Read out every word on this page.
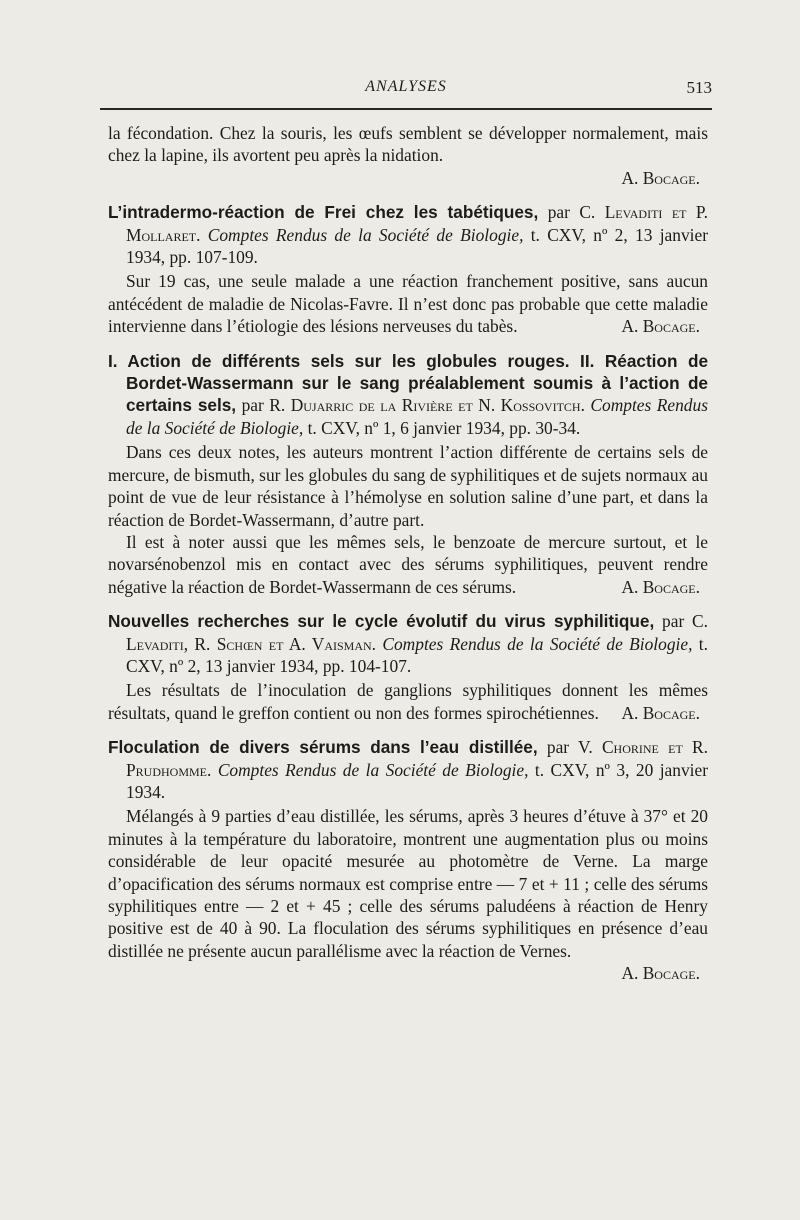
ANALYSES	513

la fécondation. Chez la souris, les œufs semblent se développer normalement, mais chez la lapine, ils avortent peu après la nidation.

A. Bocage.

L’intradermo-réaction de Frei chez les tabétiques, par C. Levaditi et P. Mollaret. Comptes Rendus de la Société de Biologie, t. CXV, nº 2, 13 janvier 1934, pp. 107-109.

Sur 19 cas, une seule malade a une réaction franchement positive, sans aucun antécédent de maladie de Nicolas-Favre. Il n’est donc pas probable que cette maladie intervienne dans l’étiologie des lésions nerveuses du tabès.	A. Bocage.

I. Action de différents sels sur les globules rouges. II. Réaction de Bordet-Wassermann sur le sang préalablement soumis à l’action de certains sels, par R. Dujarric de la Rivière et N. Kossovitch. Comptes Rendus de la Société de Biologie, t. CXV, nº 1, 6 janvier 1934, pp. 30-34.

Dans ces deux notes, les auteurs montrent l’action différente de certains sels de mercure, de bismuth, sur les globules du sang de syphilitiques et de sujets normaux au point de vue de leur résistance à l’hémolyse en solution saline d’une part, et dans la réaction de Bordet-Wassermann, d’autre part.

Il est à noter aussi que les mêmes sels, le benzoate de mercure surtout, et le novarsénobenzol mis en contact avec des sérums syphilitiques, peuvent rendre négative la réaction de Bordet-Wassermann de ces sérums.	A. Bocage.

Nouvelles recherches sur le cycle évolutif du virus syphilitique, par C. Levaditi, R. Schœn et A. Vaisman. Comptes Rendus de la Société de Biologie, t. CXV, nº 2, 13 janvier 1934, pp. 104-107.

Les résultats de l’inoculation de ganglions syphilitiques donnent les mêmes résultats, quand le greffon contient ou non des formes spirochétiennes.	A. Bocage.

Floculation de divers sérums dans l’eau distillée, par V. Chorine et R. Prudhomme. Comptes Rendus de la Société de Biologie, t. CXV, nº 3, 20 janvier 1934.

Mélangés à 9 parties d’eau distillée, les sérums, après 3 heures d’étuve à 37° et 20 minutes à la température du laboratoire, montrent une augmentation plus ou moins considérable de leur opacité mesurée au photomètre de Verne. La marge d’opacification des sérums normaux est comprise entre — 7 et + 11 ; celle des sérums syphilitiques entre — 2 et + 45 ; celle des sérums paludéens à réaction de Henry positive est de 40 à 90. La floculation des sérums syphilitiques en présence d’eau distillée ne présente aucun parallélisme avec la réaction de Vernes.

A. Bocage.
